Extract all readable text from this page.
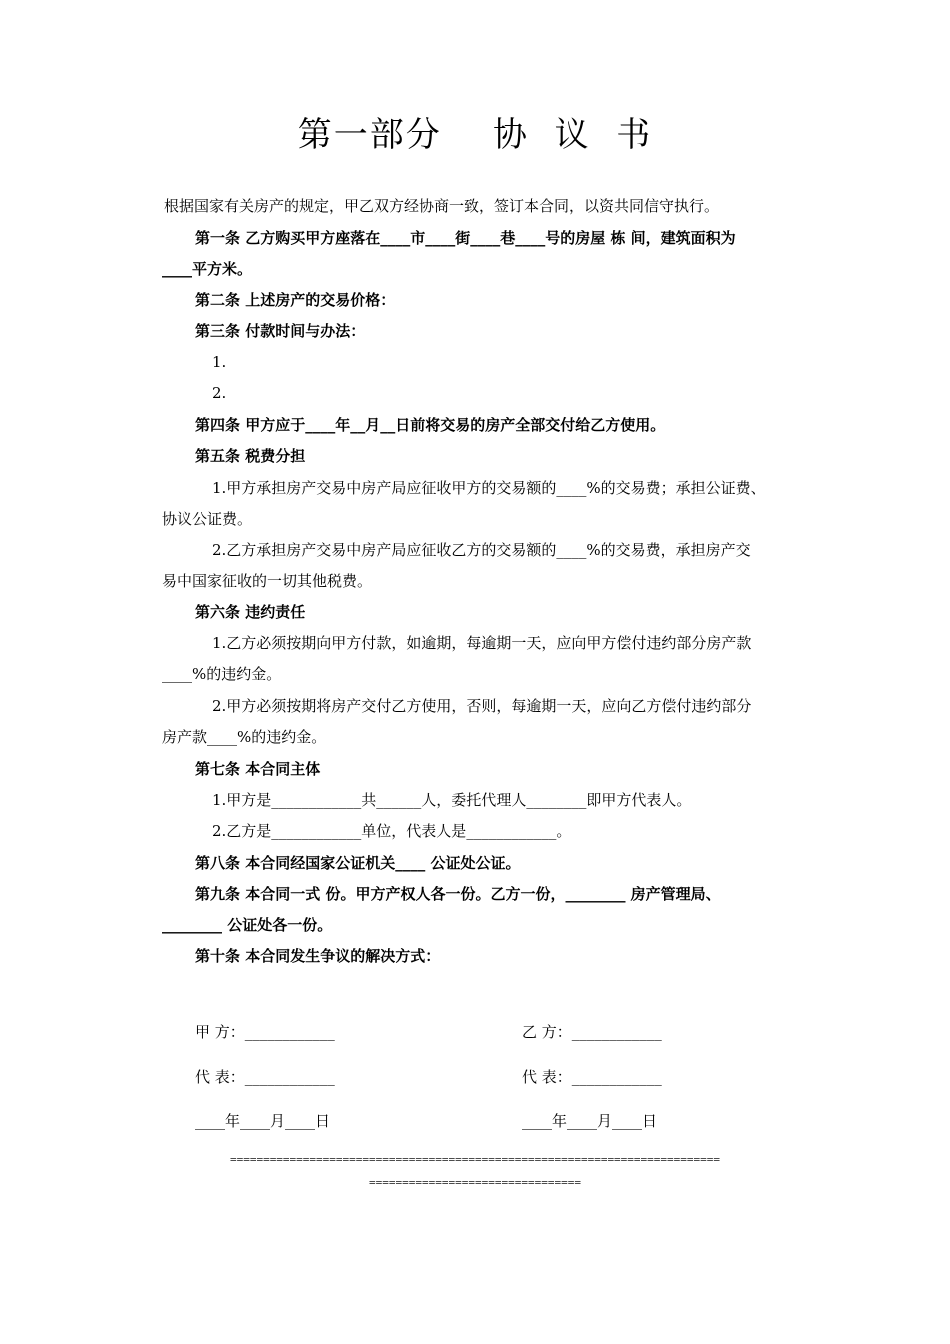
第一部分    协  议  书
根据国家有关房产的规定，甲乙双方经协商一致，签订本合同，以资共同信守执行。
第一条 乙方购买甲方座落在____市____街____巷____号的房屋 栋 间，建筑面积为
____平方米。
第二条 上述房产的交易价格：
第三条 付款时间与办法：
1.
2.
第四条 甲方应于____年__月__日前将交易的房产全部交付给乙方使用。
第五条 税费分担
1.甲方承担房产交易中房产局应征收甲方的交易额的____%的交易费；承担公证费、
协议公证费。
2.乙方承担房产交易中房产局应征收乙方的交易额的____%的交易费，承担房产交
易中国家征收的一切其他税费。
第六条 违约责任
1.乙方必须按期向甲方付款，如逾期，每逾期一天，应向甲方偿付违约部分房产款
____%的违约金。
2.甲方必须按期将房产交付乙方使用，否则，每逾期一天，应向乙方偿付违约部分
房产款____%的违约金。
第七条 本合同主体
1.甲方是____________共______人，委托代理人________即甲方代表人。
2.乙方是____________单位，代表人是____________。
第八条 本合同经国家公证机关____ 公证处公证。
第九条 本合同一式 份。甲方产权人各一份。乙方一份，________ 房产管理局、
________ 公证处各一份。
第十条 本合同发生争议的解决方式：
甲 方：____________	乙 方：____________
代 表：____________	代 表：____________
____年____月____日	____年____月____日
==========================================================================
================================
